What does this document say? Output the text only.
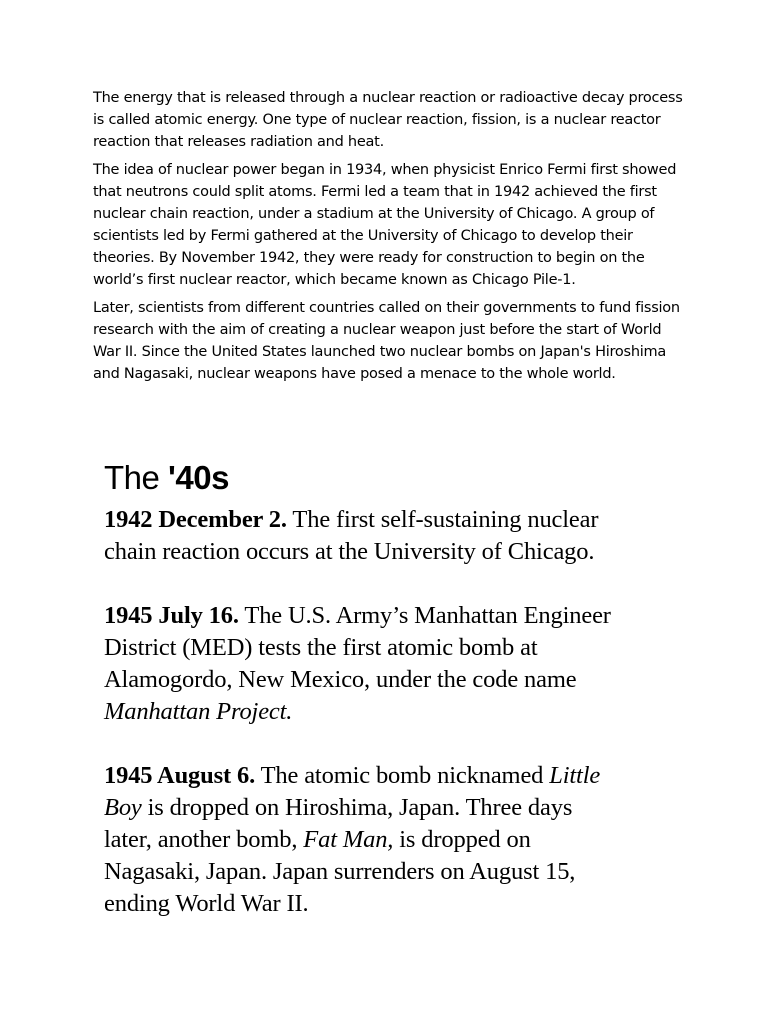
The energy that is released through a nuclear reaction or radioactive decay process is called atomic energy. One type of nuclear reaction, fission, is a nuclear reactor reaction that releases radiation and heat.

The idea of nuclear power began in 1934, when physicist Enrico Fermi first showed that neutrons could split atoms. Fermi led a team that in 1942 achieved the first nuclear chain reaction, under a stadium at the University of Chicago. A group of scientists led by Fermi gathered at the University of Chicago to develop their theories. By November 1942, they were ready for construction to begin on the world’s first nuclear reactor, which became known as Chicago Pile-1.

Later, scientists from different countries called on their governments to fund fission research with the aim of creating a nuclear weapon just before the start of World War II. Since the United States launched two nuclear bombs on Japan's Hiroshima and Nagasaki, nuclear weapons have posed a menace to the whole world.

The '40s
1942 December 2. The first self-sustaining nuclear chain reaction occurs at the University of Chicago.
1945 July 16. The U.S. Army’s Manhattan Engineer District (MED) tests the first atomic bomb at Alamogordo, New Mexico, under the code name Manhattan Project.
1945 August 6. The atomic bomb nicknamed Little Boy is dropped on Hiroshima, Japan. Three days later, another bomb, Fat Man, is dropped on Nagasaki, Japan. Japan surrenders on August 15, ending World War II.
